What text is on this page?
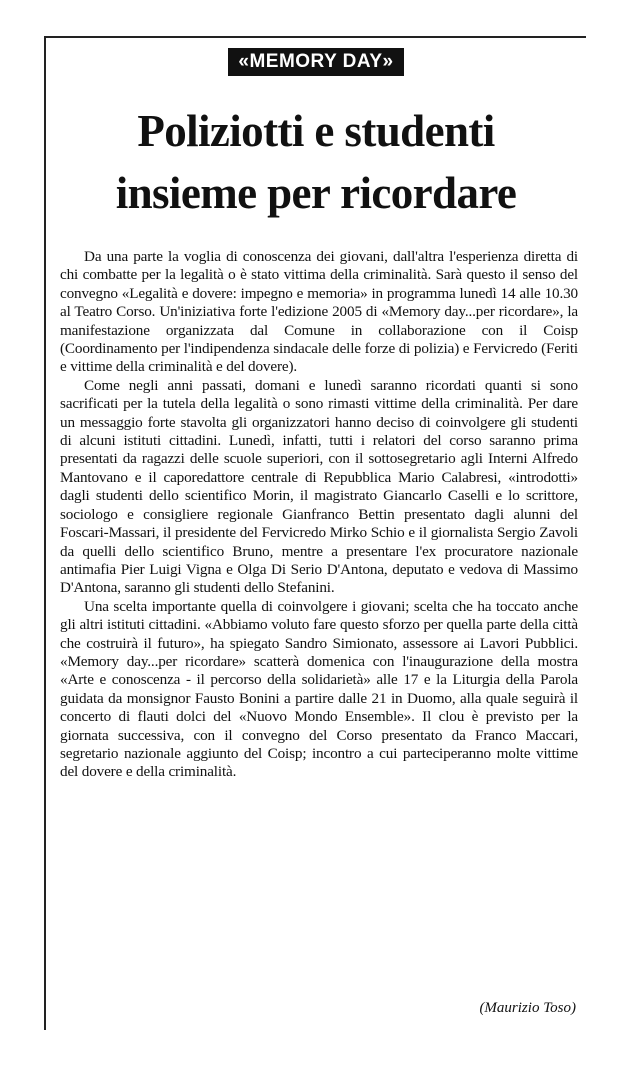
«MEMORY DAY»
Poliziotti e studenti
insieme per ricordare

Da una parte la voglia di conoscenza dei giovani, dall'altra l'esperienza diretta di chi combatte per la legalità o è stato vittima della criminalità. Sarà questo il senso del convegno «Legalità e dovere: impegno e memoria» in programma lunedì 14 alle 10.30 al Teatro Corso. Un'iniziativa forte l'edizione 2005 di «Memory day...per ricordare», la manifestazione organizzata dal Comune in collaborazione con il Coisp (Coordinamento per l'indipendenza sindacale delle forze di polizia) e Fervicredo (Feriti e vittime della criminalità e del dovere).

Come negli anni passati, domani e lunedì saranno ricordati quanti si sono sacrificati per la tutela della legalità o sono rimasti vittime della criminalità. Per dare un messaggio forte stavolta gli organizzatori hanno deciso di coinvolgere gli studenti di alcuni istituti cittadini. Lunedì, infatti, tutti i relatori del corso saranno prima presentati da ragazzi delle scuole superiori, con il sottosegretario agli Interni Alfredo Mantovano e il caporedattore centrale di Repubblica Mario Calabresi, «introdotti» dagli studenti dello scientifico Morin, il magistrato Giancarlo Caselli e lo scrittore, sociologo e consigliere regionale Gianfranco Bettin presentato dagli alunni del Foscari-Massari, il presidente del Fervicredo Mirko Schio e il giornalista Sergio Zavoli da quelli dello scientifico Bruno, mentre a presentare l'ex procuratore nazionale antimafia Pier Luigi Vigna e Olga Di Serio D'Antona, deputato e vedova di Massimo D'Antona, saranno gli studenti dello Stefanini.

Una scelta importante quella di coinvolgere i giovani; scelta che ha toccato anche gli altri istituti cittadini. «Abbiamo voluto fare questo sforzo per quella parte della città che costruirà il futuro», ha spiegato Sandro Simionato, assessore ai Lavori Pubblici. «Memory day...per ricordare» scatterà domenica con l'inaugurazione della mostra «Arte e conoscenza - il percorso della solidarietà» alle 17 e la Liturgia della Parola guidata da monsignor Fausto Bonini a partire dalle 21 in Duomo, alla quale seguirà il concerto di flauti dolci del «Nuovo Mondo Ensemble». Il clou è previsto per la giornata successiva, con il convegno del Corso presentato da Franco Maccari, segretario nazionale aggiunto del Coisp; incontro a cui parteciperanno molte vittime del dovere e della criminalità.

(Maurizio Toso)
